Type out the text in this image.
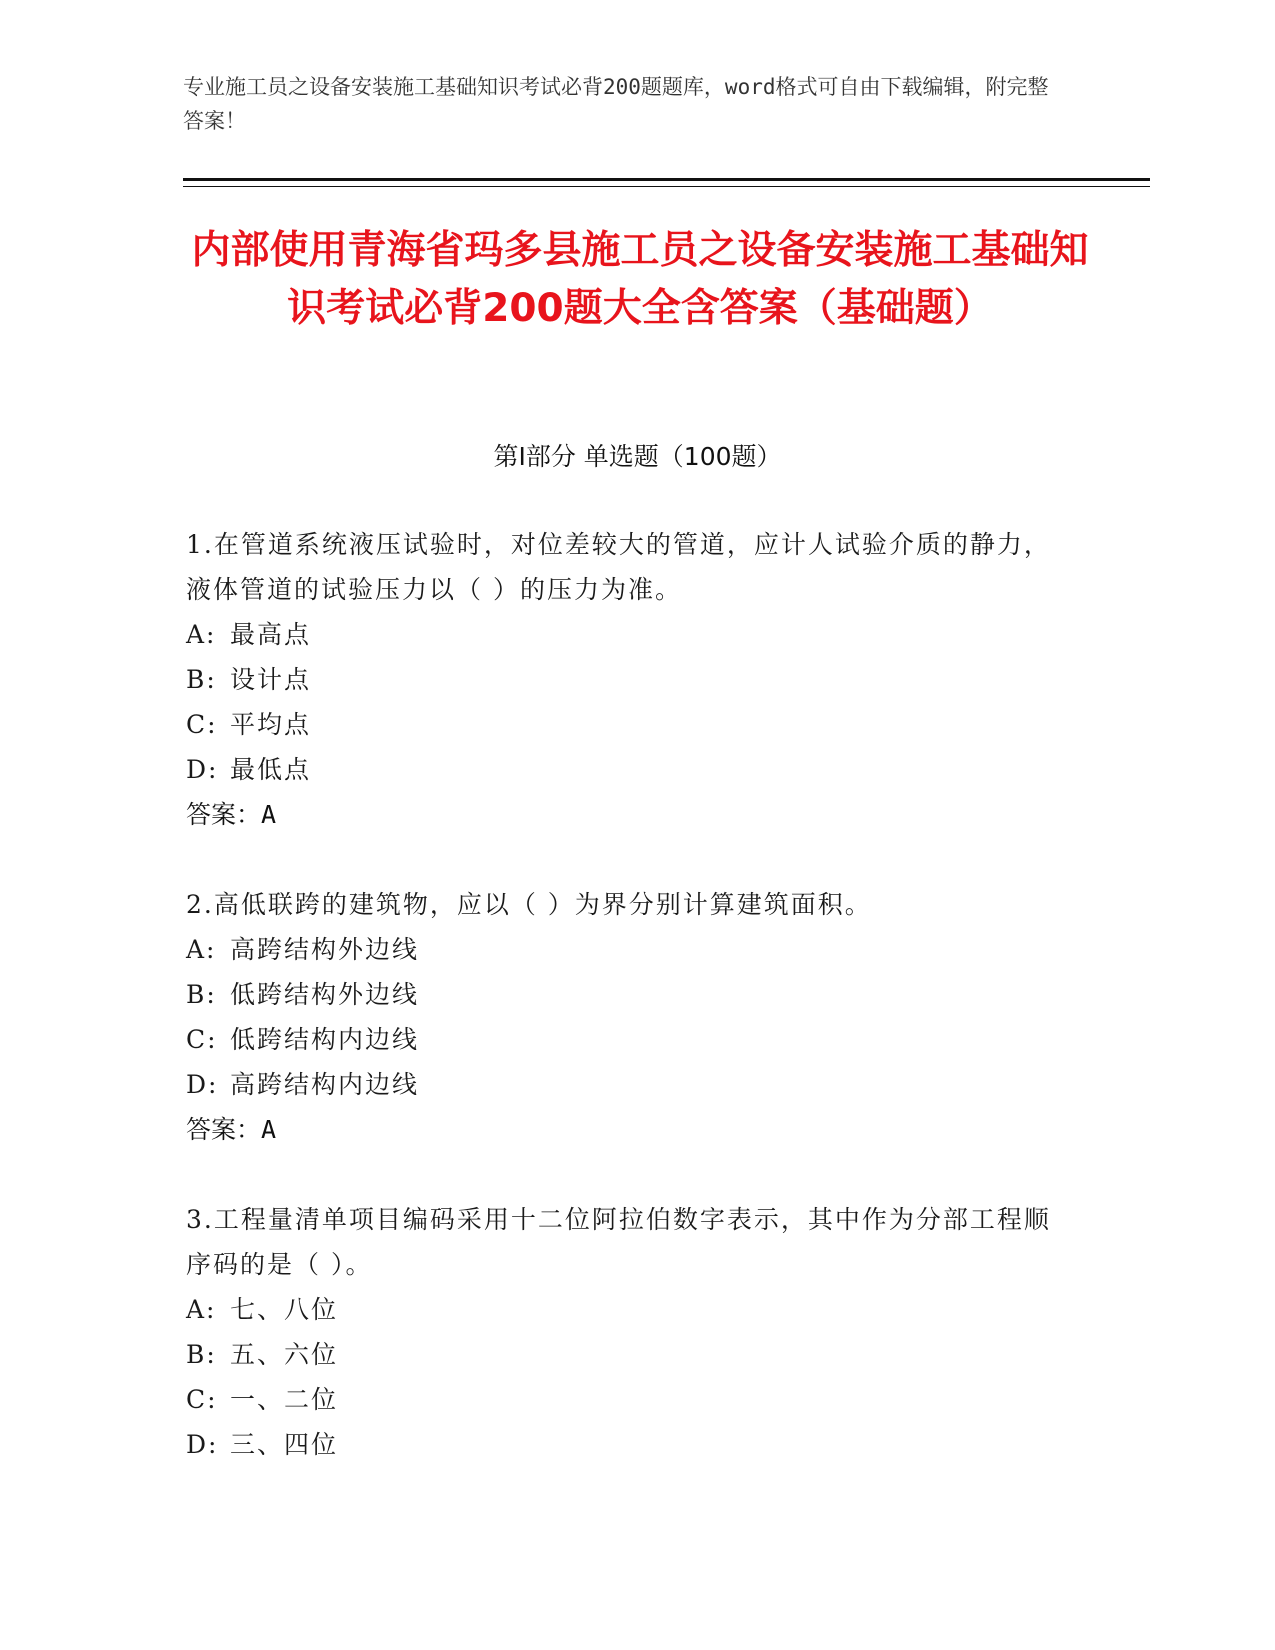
专业施工员之设备安装施工基础知识考试必背200题题库，word格式可自由下载编辑，附完整答案！
内部使用青海省玛多县施工员之设备安装施工基础知识考试必背200题大全含答案（基础题）
第I部分 单选题（100题）
1.在管道系统液压试验时，对位差较大的管道，应计人试验介质的静力，液体管道的试验压力以（ ）的压力为准。
A: 最高点
B: 设计点
C: 平均点
D: 最低点
答案：A
2.高低联跨的建筑物，应以（ ）为界分别计算建筑面积。
A: 高跨结构外边线
B: 低跨结构外边线
C: 低跨结构内边线
D: 高跨结构内边线
答案：A
3.工程量清单项目编码采用十二位阿拉伯数字表示，其中作为分部工程顺序码的是（ ）。
A: 七、八位
B: 五、六位
C: 一、二位
D: 三、四位
